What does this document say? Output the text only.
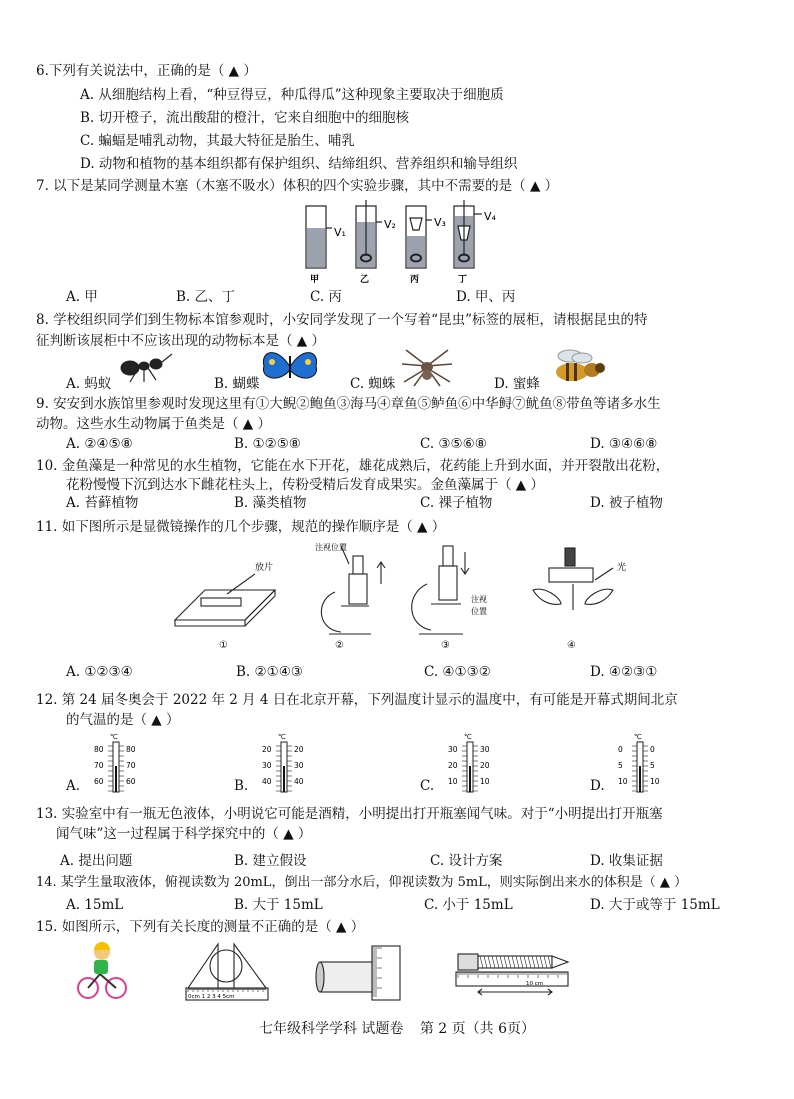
6.下列有关说法中，正确的是（ ▲ ）
A. 从细胞结构上看，“种豆得豆，种瓜得瓜”这种现象主要取决于细胞质
B. 切开橙子，流出酸甜的橙汁，它来自细胞中的细胞核
C. 蝙蝠是哺乳动物，其最大特征是胎生、哺乳
D. 动物和植物的基本组织都有保护组织、结缔组织、营养组织和输导组织
7. 以下是某同学测量木塞（木塞不吸水）体积的四个实验步骤，其中不需要的是（ ▲ ）
V₁
V₂	V₃	V₄
甲	乙	丙	丁
A. 甲	B. 乙、丁	C. 丙	D. 甲、丙
8. 学校组织同学们到生物标本馆参观时，小安同学发现了一个写着“昆虫”标签的展柜，请根据昆虫的特
征判断该展柜中不应该出现的动物标本是（ ▲ ）
A. 蚂蚁	B. 蝴蝶	C. 蜘蛛	D. 蜜蜂
9. 安安到水族馆里参观时发现这里有①大鲵②鲍鱼③海马④章鱼⑤鲈鱼⑥中华鲟⑦鱿鱼⑧带鱼等诸多水生
动物。这些水生动物属于鱼类是（ ▲ ）
A. ②④⑤⑧	B. ①②⑤⑧	C. ③⑤⑥⑧	D. ③④⑥⑧
10. 金鱼藻是一种常见的水生植物，它能在水下开花，雄花成熟后，花药能上升到水面，并开裂散出花粉，
花粉慢慢下沉到达水下雌花柱头上，传粉受精后发育成果实。金鱼藻属于（ ▲ ）
A. 苔藓植物	B. 藻类植物	C. 裸子植物	D. 被子植物
11. 如下图所示是显微镜操作的几个步骤，规范的操作顺序是（ ▲ ）
放片
注视位置
注视
位置
光
①	②	③	④
A. ①②③④	B. ②①④③	C. ④①③②	D. ④②③①
12. 第 24 届冬奥会于 2022 年 2 月 4 日在北京开幕，下列温度计显示的温度中，有可能是开幕式期间北京
的气温的是（ ▲ ）
A.
℃
80	80
70	70
60	60	B.
℃
20	20
30	30
40	40	C.
℃
30	30
20	20
10	10	D.
℃
0	0
5	5
10	10
13. 实验室中有一瓶无色液体，小明说它可能是酒精，小明提出打开瓶塞闻气味。对于“小明提出打开瓶塞
闻气味”这一过程属于科学探究中的（ ▲ ）
A. 提出问题	B. 建立假设	C. 设计方案	D. 收集证据
14. 某学生量取液体，俯视读数为 20mL，倒出一部分水后，仰视读数为 5mL，则实际倒出来水的体积是（ ▲ ）
A. 15mL	B. 大于 15mL	C. 小于 15mL	D. 大于或等于 15mL
15. 如图所示，下列有关长度的测量不正确的是（ ▲ ）
0cm 1 2 3 4 5cm
10 cm
七年级科学学科 试题卷 第 2 页（共 6页）
